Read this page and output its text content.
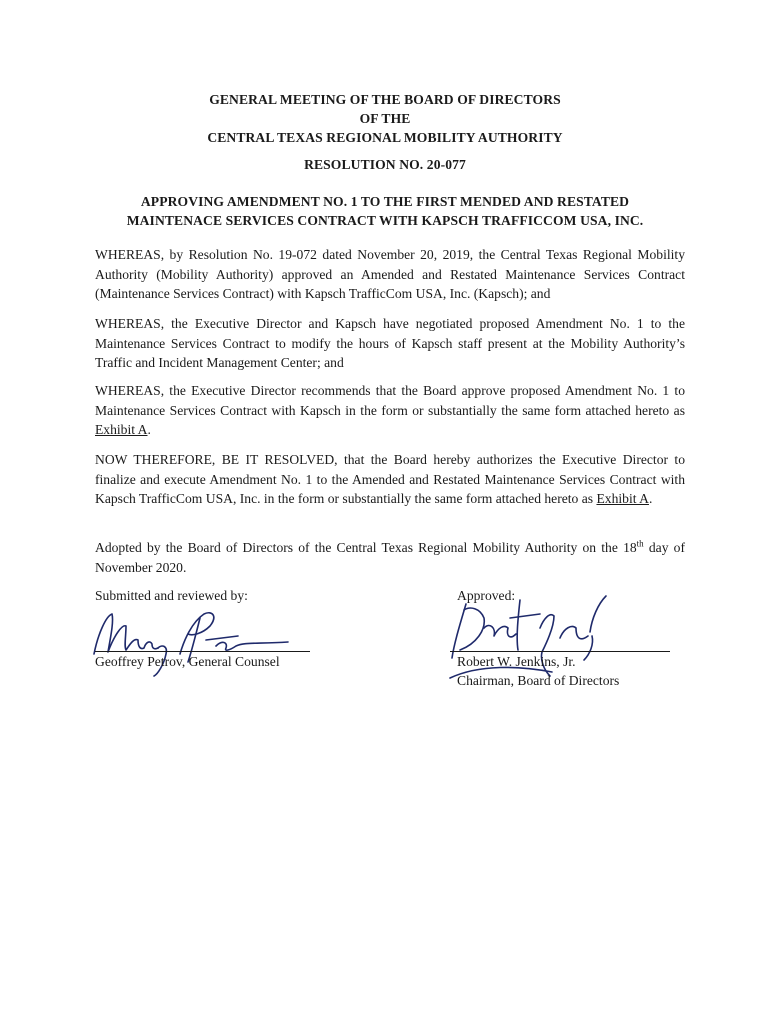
GENERAL MEETING OF THE BOARD OF DIRECTORS
OF THE
CENTRAL TEXAS REGIONAL MOBILITY AUTHORITY
RESOLUTION NO. 20-077
APPROVING AMENDMENT NO. 1 TO THE FIRST MENDED AND RESTATED
MAINTENACE SERVICES CONTRACT WITH KAPSCH TRAFFICCOM USA, INC.
WHEREAS, by Resolution No. 19-072 dated November 20, 2019, the Central Texas Regional Mobility Authority (Mobility Authority) approved an Amended and Restated Maintenance Services Contract (Maintenance Services Contract) with Kapsch TrafficCom USA, Inc. (Kapsch); and
WHEREAS, the Executive Director and Kapsch have negotiated proposed Amendment No. 1 to the Maintenance Services Contract to modify the hours of Kapsch staff present at the Mobility Authority’s Traffic and Incident Management Center; and
WHEREAS, the Executive Director recommends that the Board approve proposed Amendment No. 1 to Maintenance Services Contract with Kapsch in the form or substantially the same form attached hereto as Exhibit A.
NOW THEREFORE, BE IT RESOLVED, that the Board hereby authorizes the Executive Director to finalize and execute Amendment No. 1 to the Amended and Restated Maintenance Services Contract with Kapsch TrafficCom USA, Inc. in the form or substantially the same form attached hereto as Exhibit A.
Adopted by the Board of Directors of the Central Texas Regional Mobility Authority on the 18th day of November 2020.
Submitted and reviewed by:
Geoffrey Petrov, General Counsel
Approved:
Robert W. Jenkins, Jr.
Chairman, Board of Directors
